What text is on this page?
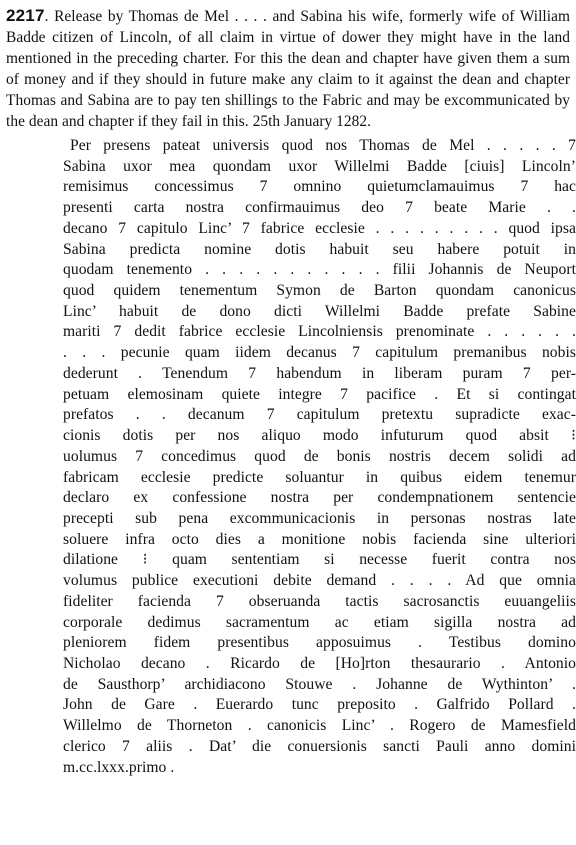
2217. Release by Thomas de Mel . . . . and Sabina his wife, formerly wife of William Badde citizen of Lincoln, of all claim in virtue of dower they might have in the land mentioned in the preceding charter. For this the dean and chapter have given them a sum of money and if they should in future make any claim to it against the dean and chapter Thomas and Sabina are to pay ten shillings to the Fabric and may be excommunicated by the dean and chapter if they fail in this. 25th January 1282.

Per presens pateat universis quod nos Thomas de Mel . . . . . 7
Sabina uxor mea quondam uxor Willelmi Badde [ciuis] Lincoln’
remisimus concessimus 7 omnino quietumclamauimus 7 hac
presenti carta nostra confirmauimus deo 7 beate Marie . .
decano 7 capitulo Linc’ 7 fabrice ecclesie . . . . . . . . . quod ipsa
Sabina predicta nomine dotis habuit seu habere potuit in
quodam tenemento . . . . . . . . . . . filii Johannis de Neuport
quod quidem tenementum Symon de Barton quondam canonicus
Linc’ habuit de dono dicti Willelmi Badde prefate Sabine
mariti 7 dedit fabrice ecclesie Lincolniensis prenominate . . . . . .
. . . pecunie quam iidem decanus 7 capitulum premanibus nobis
dederunt . Tenendum 7 habendum in liberam puram 7 per-
petuam elemosinam quiete integre 7 pacifice . Et si contingat
prefatos . . decanum 7 capitulum pretextu supradicte exac-
cionis dotis per nos aliquo modo infuturum quod absit ⁝
uolumus 7 concedimus quod de bonis nostris decem solidi ad
fabricam ecclesie predicte soluantur in quibus eidem tenemur
declaro ex confessione nostra per condempnationem sentencie
precepti sub pena excommunicacionis in personas nostras late
soluere infra octo dies a monitione nobis facienda sine ulteriori
dilatione ⁝ quam sententiam si necesse fuerit contra nos
volumus publice executioni debite demand . . . . Ad que omnia
fideliter facienda 7 obseruanda tactis sacrosanctis euuangeliis
corporale dedimus sacramentum ac etiam sigilla nostra ad
pleniorem fidem presentibus apposuimus . Testibus domino
Nicholao decano . Ricardo de [Ho]rton thesaurario . Antonio
de Sausthorp’ archidiacono Stouwe . Johanne de Wythinton’ .
John de Gare . Euerardo tunc preposito . Galfrido Pollard .
Willelmo de Thorneton . canonicis Linc’ . Rogero de Mamesfield
clerico 7 aliis . Dat’ die conuersionis sancti Pauli anno domini
m.cc.lxxx.primo .
